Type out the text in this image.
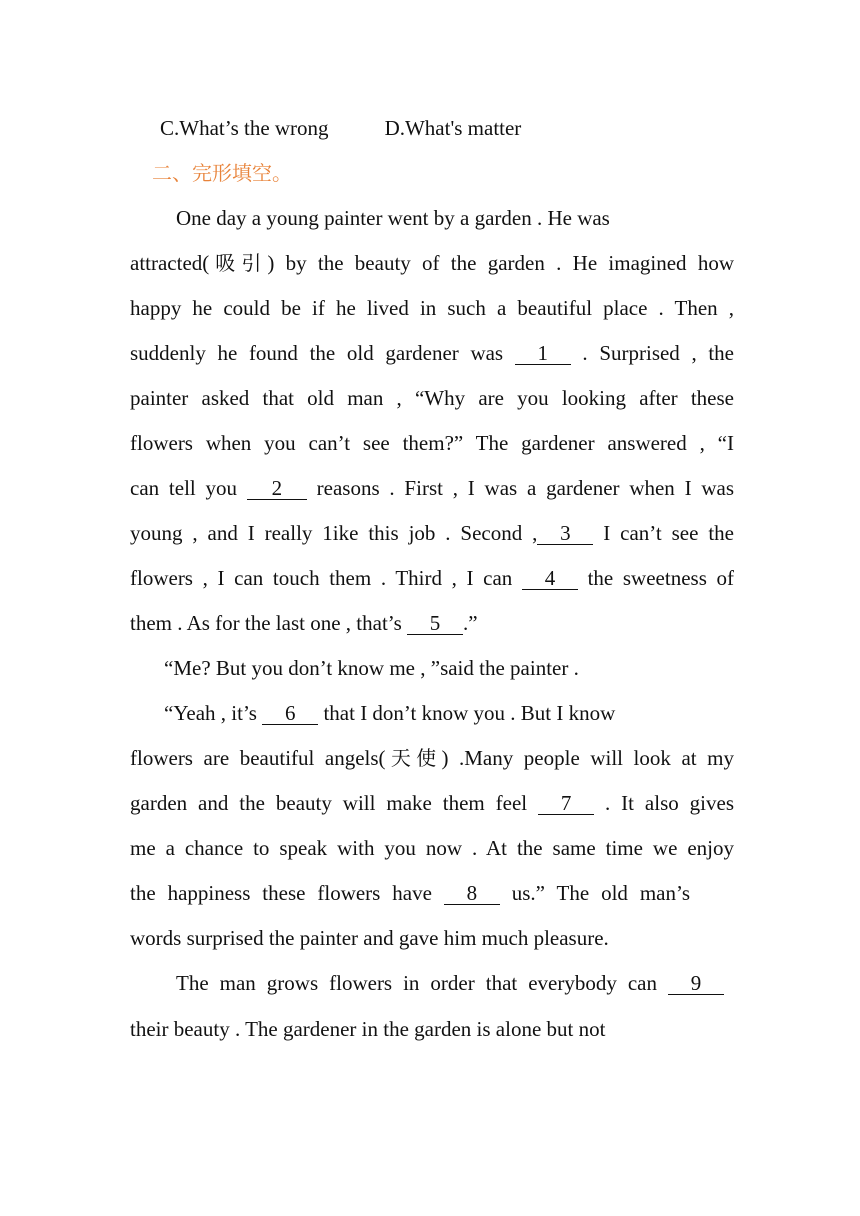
C.What’s the wrong	D.What's matter
二、完形填空。
One day a young painter went by a garden . He was
attracted(吸引) by the beauty of the garden . He imagined how
happy he could be if he lived in such a beautiful place . Then ,
suddenly he found the old gardener was 1 . Surprised , the
painter asked that old man , “Why are you looking after these
flowers when you can’t see them?” The gardener answered , “I
can tell you 2 reasons . First , I was a gardener when I was
young , and I really 1ike this job . Second , 3 I can’t see the
flowers , I can touch them . Third , I can 4 the sweetness of
them . As for the last one , that’s 5 .”
“Me? But you don’t know me , ”said the painter .
“Yeah , it’s 6 that I don’t know you . But I know
flowers are beautiful angels(天使) .Many people will look at my
garden and the beauty will make them feel 7 . It also gives
me a chance to speak with you now . At the same time we enjoy
the happiness these flowers have 8 us.” The old man’s
words surprised the painter and gave him much pleasure.
The man grows flowers in order that everybody can 9
their beauty . The gardener in the garden is alone but not
